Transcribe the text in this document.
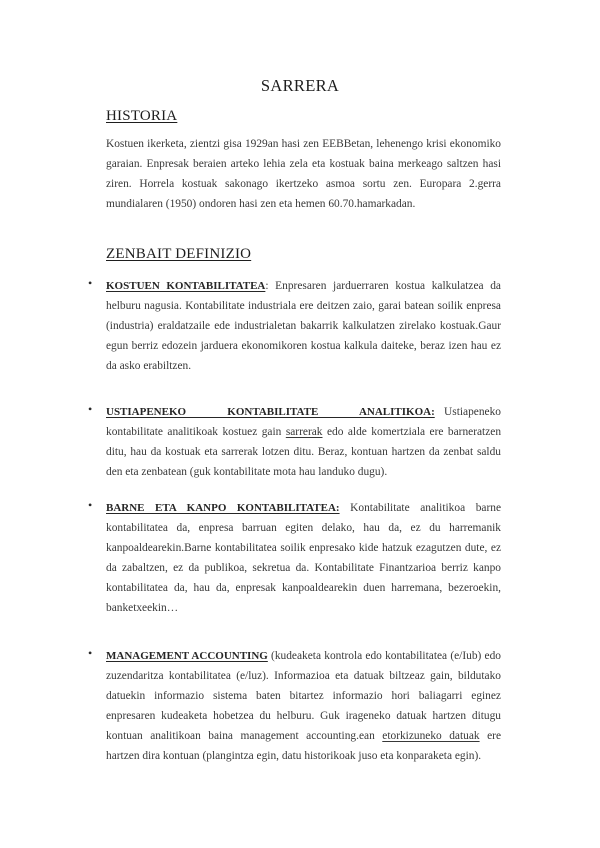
SARRERA
HISTORIA

Kostuen ikerketa, zientzi gisa 1929an hasi zen EEBBetan, lehenengo krisi ekonomiko garaian. Enpresak beraien arteko lehia zela eta kostuak baina merkeago saltzen hasi ziren. Horrela kostuak sakonago ikertzeko asmoa sortu zen. Europara 2.gerra mundialaren (1950) ondoren hasi zen eta hemen 60.70.hamarkadan.

ZENBAIT DEFINIZIO
• KOSTUEN KONTABILITATEA: Enpresaren jarduerraren kostua kalkulatzea da helburu nagusia. Kontabilitate industriala ere deitzen zaio, garai batean soilik enpresa (industria) eraldatzaile ede industrialetan bakarrik kalkulatzen zirelako kostuak.Gaur egun berriz edozein jarduera ekonomikoren kostua kalkula daiteke, beraz izen hau ez da asko erabiltzen.

• USTIAPENEKO KONTABILITATE ANALITIKOA: Ustiapeneko kontabilitate analitikoak kostuez gain sarrerak edo alde komertziala ere barneratzen ditu, hau da kostuak eta sarrerak lotzen ditu. Beraz, kontuan hartzen da zenbat saldu den eta zenbatean (guk kontabilitate mota hau landuko dugu).

• BARNE ETA KANPO KONTABILITATEA: Kontabilitate analitikoa barne kontabilitatea da, enpresa barruan egiten delako, hau da, ez du harremanik kanpoaldearekin.Barne kontabilitatea soilik enpresako kide hatzuk ezagutzen dute, ez da zabaltzen, ez da publikoa, sekretua da. Kontabilitate Finantzarioa berriz kanpo kontabilitatea da, hau da, enpresak kanpoaldearekin duen harremana, bezeroekin, banketxeekin…

• MANAGEMENT ACCOUNTING (kudeaketa kontrola edo kontabilitatea (e/Iub) edo zuzendaritza kontabilitatea (e/luz). Informazioa eta datuak biltzeaz gain, bildutako datuekin informazio sistema baten bitartez informazio hori baliagarri eginez enpresaren kudeaketa hobetzea du helburu. Guk irageneko datuak hartzen ditugu kontuan analitikoan baina management accounting.ean etorkizuneko datuak ere hartzen dira kontuan (plangintza egin, datu historikoak juso eta konparaketa egin).
